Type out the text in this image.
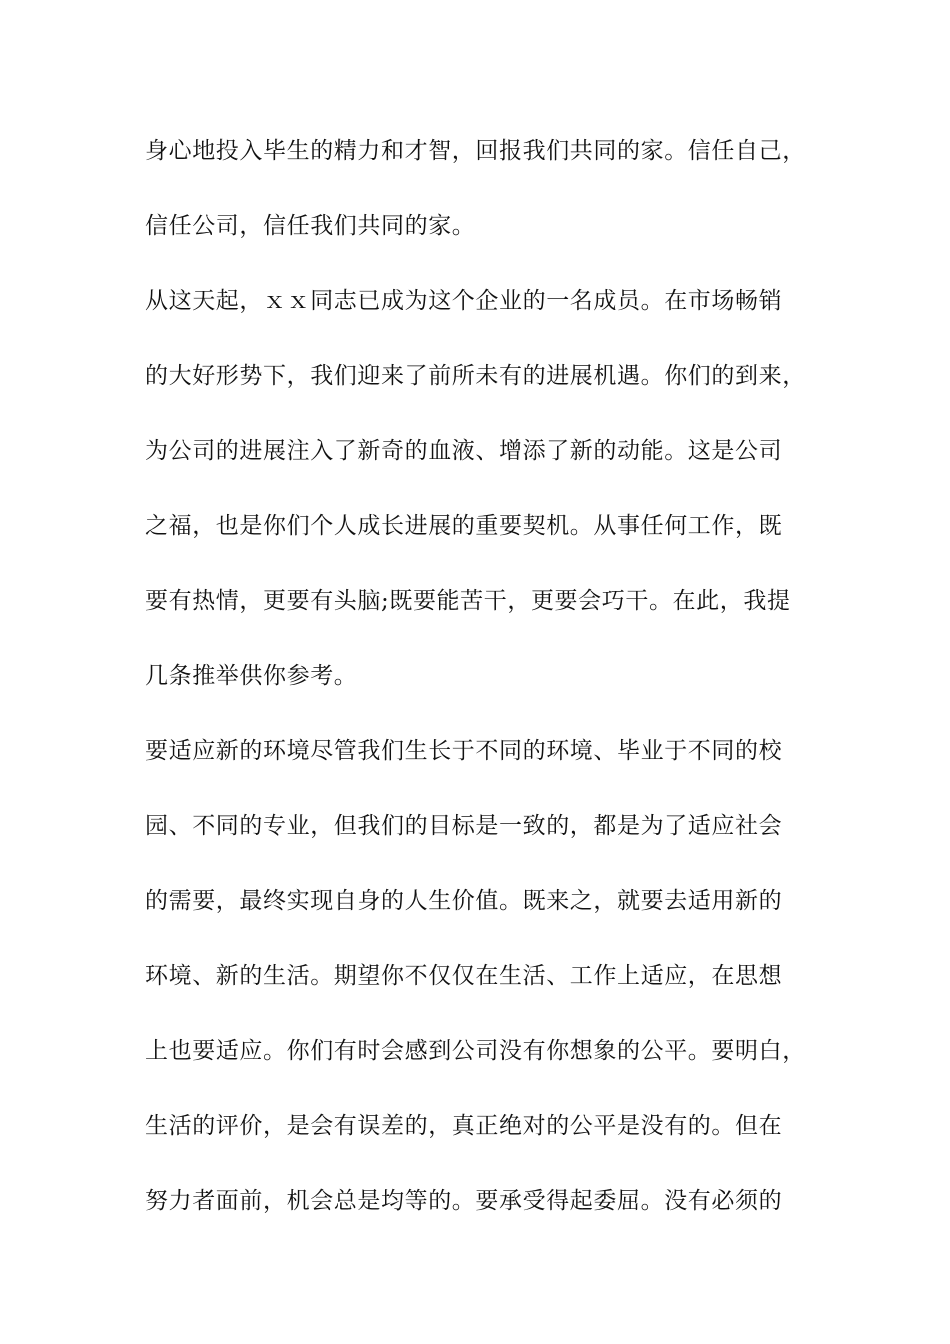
身心地投入毕生的精力和才智，回报我们共同的家。信任自己，
信任公司，信任我们共同的家。
从这天起，ｘｘ同志已成为这个企业的一名成员。在市场畅销
的大好形势下，我们迎来了前所未有的进展机遇。你们的到来，
为公司的进展注入了新奇的血液、增添了新的动能。这是公司
之福，也是你们个人成长进展的重要契机。从事任何工作，既
要有热情，更要有头脑;既要能苦干，更要会巧干。在此，我提
几条推举供你参考。
要适应新的环境尽管我们生长于不同的环境、毕业于不同的校
园、不同的专业，但我们的目标是一致的，都是为了适应社会
的需要，最终实现自身的人生价值。既来之，就要去适用新的
环境、新的生活。期望你不仅仅在生活、工作上适应，在思想
上也要适应。你们有时会感到公司没有你想象的公平。要明白，
生活的评价，是会有误差的，真正绝对的公平是没有的。但在
努力者面前，机会总是均等的。要承受得起委屈。没有必须的
